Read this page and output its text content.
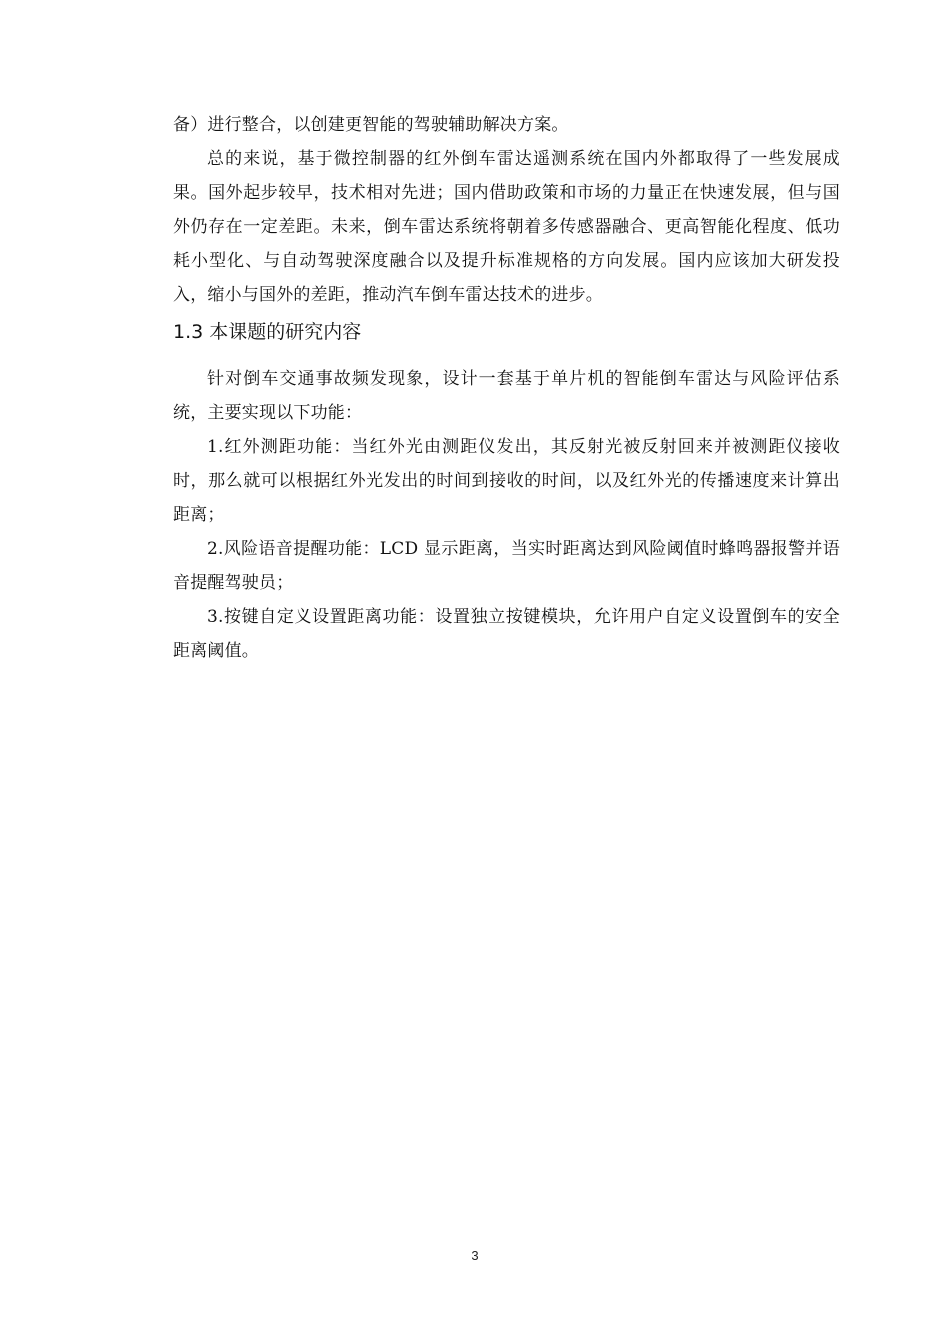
备）进行整合，以创建更智能的驾驶辅助解决方案。

总的来说，基于微控制器的红外倒车雷达遥测系统在国内外都取得了一些发展成果。国外起步较早，技术相对先进；国内借助政策和市场的力量正在快速发展，但与国外仍存在一定差距。未来，倒车雷达系统将朝着多传感器融合、更高智能化程度、低功耗小型化、与自动驾驶深度融合以及提升标准规格的方向发展。国内应该加大研发投入，缩小与国外的差距，推动汽车倒车雷达技术的进步。

1.3 本课题的研究内容

针对倒车交通事故频发现象，设计一套基于单片机的智能倒车雷达与风险评估系统，主要实现以下功能：

1.红外测距功能：当红外光由测距仪发出，其反射光被反射回来并被测距仪接收时，那么就可以根据红外光发出的时间到接收的时间，以及红外光的传播速度来计算出距离；

2.风险语音提醒功能：LCD 显示距离，当实时距离达到风险阈值时蜂鸣器报警并语音提醒驾驶员；

3.按键自定义设置距离功能：设置独立按键模块，允许用户自定义设置倒车的安全距离阈值。

3
